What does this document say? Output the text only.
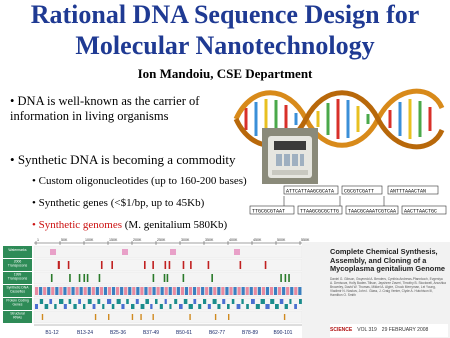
Rational DNA Sequence Design for
Molecular Nanotechnology
Ion Mandoiu, CSE Department
• DNA is well-known as the carrier of information in living organisms
• Synthetic DNA is becoming a commodity
• Custom oligonucleotides (up to 160-200 bases)
• Synthetic genes (<$1/bp, up to 45Kb)
• Synthetic genomes (M. genitalium 580Kb)
ATTCATTAAGCGCATA CGCGTCGATT	ANTTTAAACTAN
TTGCGCGTAAT	TTAAGCGCGCTTG TAACGCAAATCGTCAA AACTTAACTGC
1	50K	100K	150K	200K	250K	300K	350K	400K	450K	500K	550K
Watermarks
2006
Transposons
1999
Transposons
Synthetic DNA
Cassettes
Protein Coding
Genes
Structural
RNAs
B1-12	B13-24	B25-36	B37-49	B50-61	B62-77	B78-89	B90-101
Complete Chemical Synthesis, Assembly, and Cloning of a Mycoplasma genitalium Genome
Daniel G. Gibson, Gwynedd A. Benders, Cynthia Andrews-Pfannkoch, Evgeniya A. Denisova, Holly Baden-Tillson, Jayshree Zaveri, Timothy B. Stockwell, Anushka Brownley, David W. Thomas, Mikkel A. Algire, Chuck Merryman, Lei Young, Vladimir N. Noskov, John I. Glass, J. Craig Venter, Clyde A. Hutchison III, Hamilton O. Smith
SCIENCE VOL 319 29 FEBRUARY 2008
